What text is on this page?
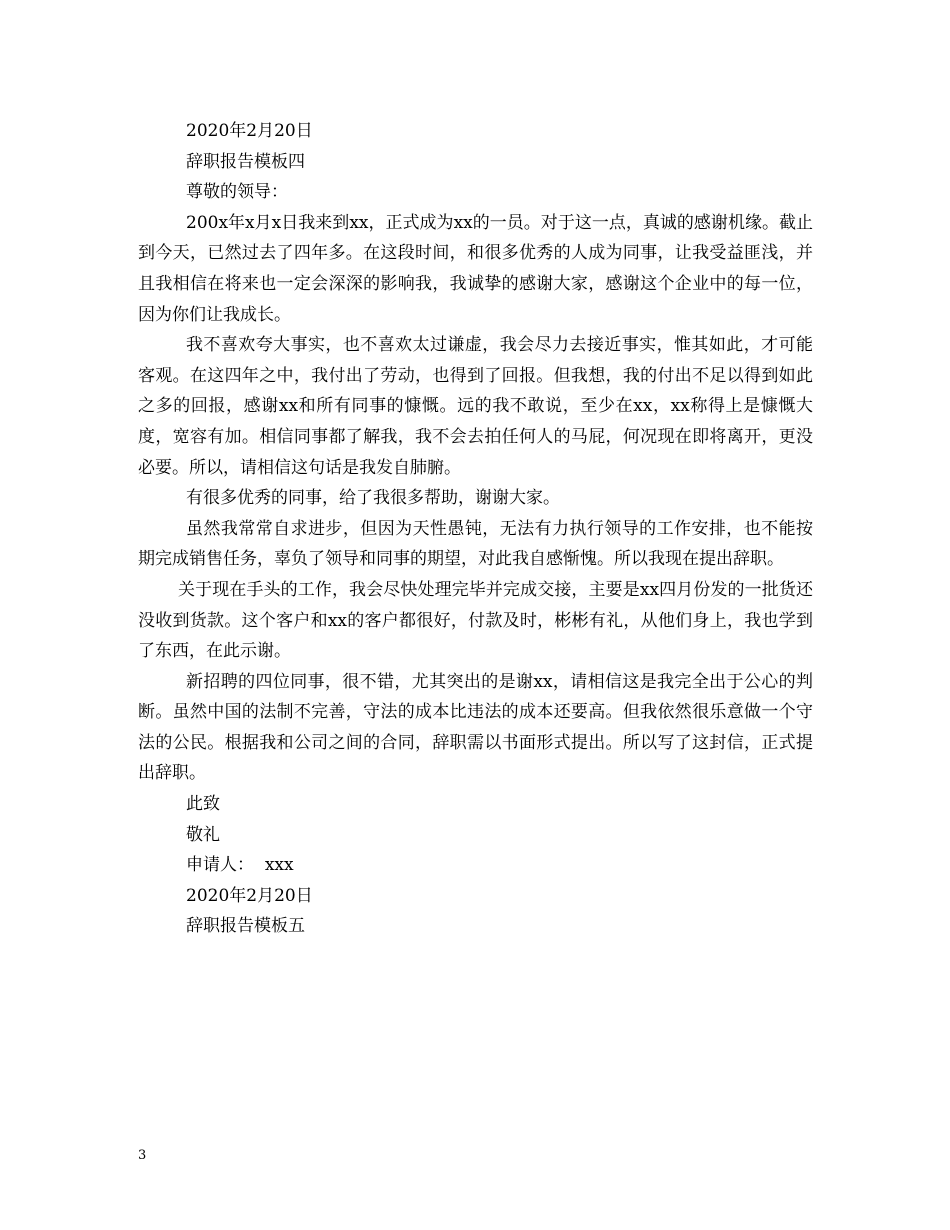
2020年2月20日

辞职报告模板四

尊敬的领导：

200x年x月x日我来到xx，正式成为xx的一员。对于这一点，真诚的感谢机缘。截止到今天，已然过去了四年多。在这段时间，和很多优秀的人成为同事，让我受益匪浅，并且我相信在将来也一定会深深的影响我，我诚挚的感谢大家，感谢这个企业中的每一位，因为你们让我成长。

我不喜欢夸大事实，也不喜欢太过谦虚，我会尽力去接近事实，惟其如此，才可能客观。在这四年之中，我付出了劳动，也得到了回报。但我想，我的付出不足以得到如此之多的回报，感谢xx和所有同事的慷慨。远的我不敢说，至少在xx，xx称得上是慷慨大度，宽容有加。相信同事都了解我，我不会去拍任何人的马屁，何况现在即将离开，更没必要。所以，请相信这句话是我发自肺腑。

有很多优秀的同事，给了我很多帮助，谢谢大家。

虽然我常常自求进步，但因为天性愚钝，无法有力执行领导的工作安排，也不能按期完成销售任务，辜负了领导和同事的期望，对此我自感惭愧。所以我现在提出辞职。

关于现在手头的工作，我会尽快处理完毕并完成交接，主要是xx四月份发的一批货还没收到货款。这个客户和xx的客户都很好，付款及时，彬彬有礼，从他们身上，我也学到了东西，在此示谢。

新招聘的四位同事，很不错，尤其突出的是谢xx，请相信这是我完全出于公心的判断。虽然中国的法制不完善，守法的成本比违法的成本还要高。但我依然很乐意做一个守法的公民。根据我和公司之间的合同，辞职需以书面形式提出。所以写了这封信，正式提出辞职。

此致

敬礼

申请人： xxx

2020年2月20日

辞职报告模板五

3
